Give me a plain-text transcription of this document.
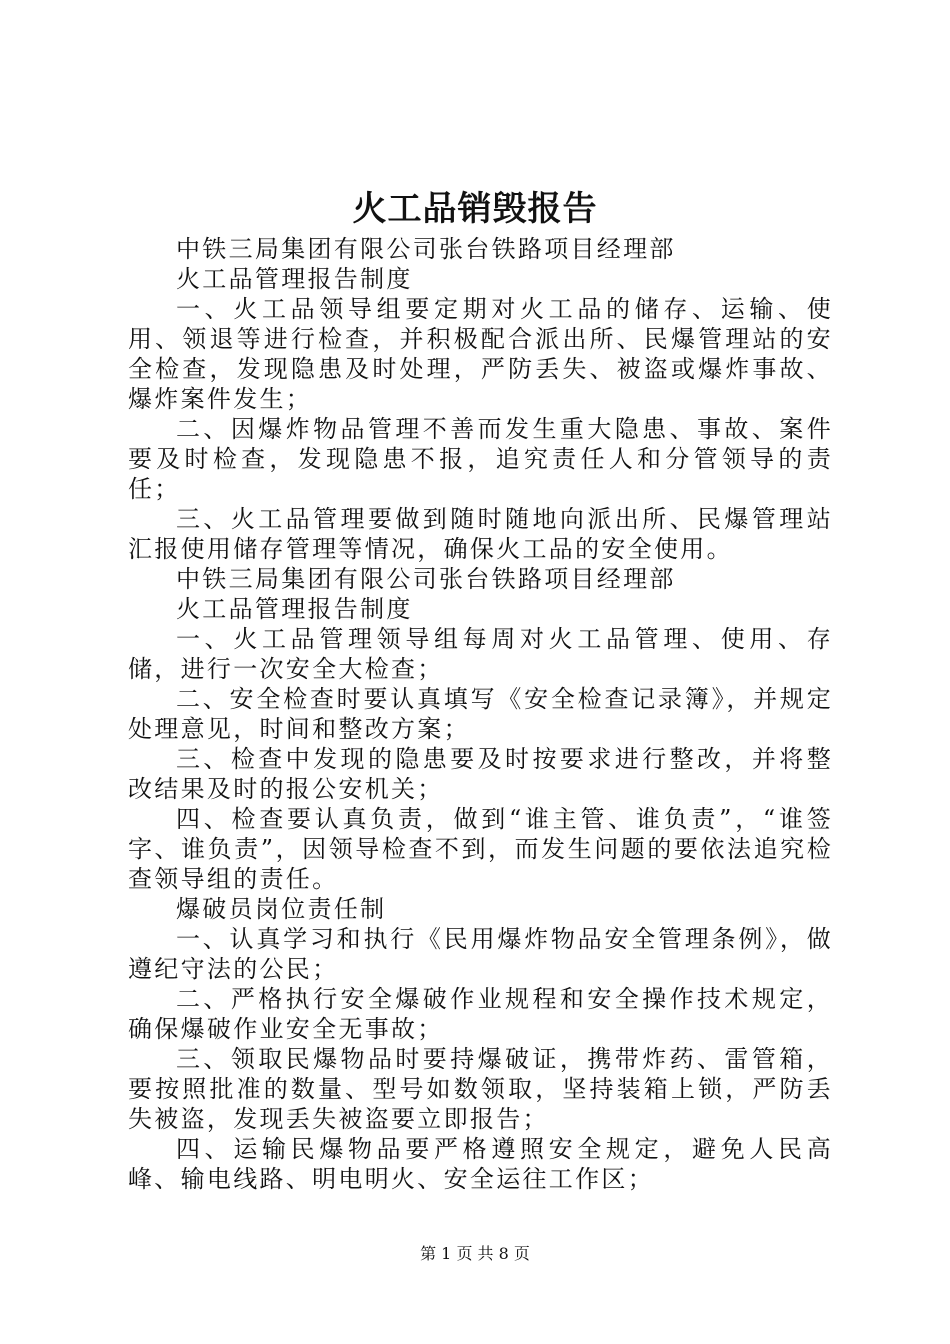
火工品销毁报告

中铁三局集团有限公司张台铁路项目经理部

火工品管理报告制度

一、火工品领导组要定期对火工品的储存、运输、使用、领退等进行检查，并积极配合派出所、民爆管理站的安全检查，发现隐患及时处理，严防丢失、被盗或爆炸事故、爆炸案件发生；

二、因爆炸物品管理不善而发生重大隐患、事故、案件要及时检查，发现隐患不报，追究责任人和分管领导的责任；

三、火工品管理要做到随时随地向派出所、民爆管理站汇报使用储存管理等情况，确保火工品的安全使用。

中铁三局集团有限公司张台铁路项目经理部

火工品管理报告制度

一、火工品管理领导组每周对火工品管理、使用、存储，进行一次安全大检查；

二、安全检查时要认真填写《安全检查记录簿》，并规定处理意见，时间和整改方案；

三、检查中发现的隐患要及时按要求进行整改，并将整改结果及时的报公安机关；

四、检查要认真负责，做到“谁主管、谁负责”，“谁签字、谁负责”，因领导检查不到，而发生问题的要依法追究检查领导组的责任。

爆破员岗位责任制

一、认真学习和执行《民用爆炸物品安全管理条例》，做遵纪守法的公民；

二、严格执行安全爆破作业规程和安全操作技术规定，确保爆破作业安全无事故；

三、领取民爆物品时要持爆破证，携带炸药、雷管箱，要按照批准的数量、型号如数领取，坚持装箱上锁，严防丢失被盗，发现丢失被盗要立即报告；

四、运输民爆物品要严格遵照安全规定，避免人民高峰、输电线路、明电明火、安全运往工作区；

第 1 页 共 8 页
